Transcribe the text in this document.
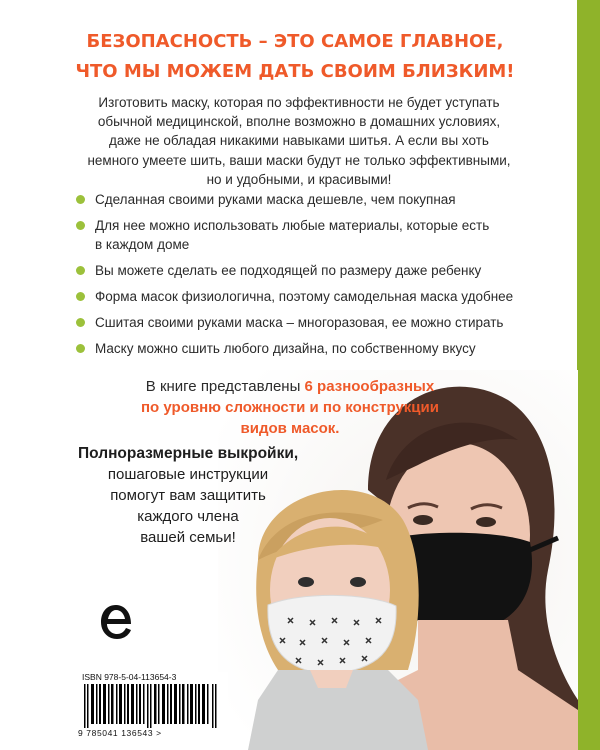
БЕЗОПАСНОСТЬ – ЭТО САМОЕ ГЛАВНОЕ,
ЧТО МЫ МОЖЕМ ДАТЬ СВОИМ БЛИЗКИМ!
Изготовить маску, которая по эффективности не будет уступать
обычной медицинской, вполне возможно в домашних условиях,
даже не обладая никакими навыками шитья. А если вы хоть
немного умеете шить, ваши маски будут не только эффективными,
но и удобными, и красивыми!
Сделанная своими руками маска дешевле, чем покупная
Для нее можно использовать любые материалы, которые есть
в каждом доме
Вы можете сделать ее подходящей по размеру даже ребенку
Форма масок физиологична, поэтому самодельная маска удобнее
Сшитая своими руками маска – многоразовая, ее можно стирать
Маску можно сшить любого дизайна, по собственному вкусу
В книге представлены 6 разнообразных
по уровню сложности и по конструкции
видов масок.
Полноразмерные выкройки,
пошаговые инструкции
помогут вам защитить
каждого члена
вашей семьи!
ISBN 978-5-04-113654-3
9 785041 136543 >
